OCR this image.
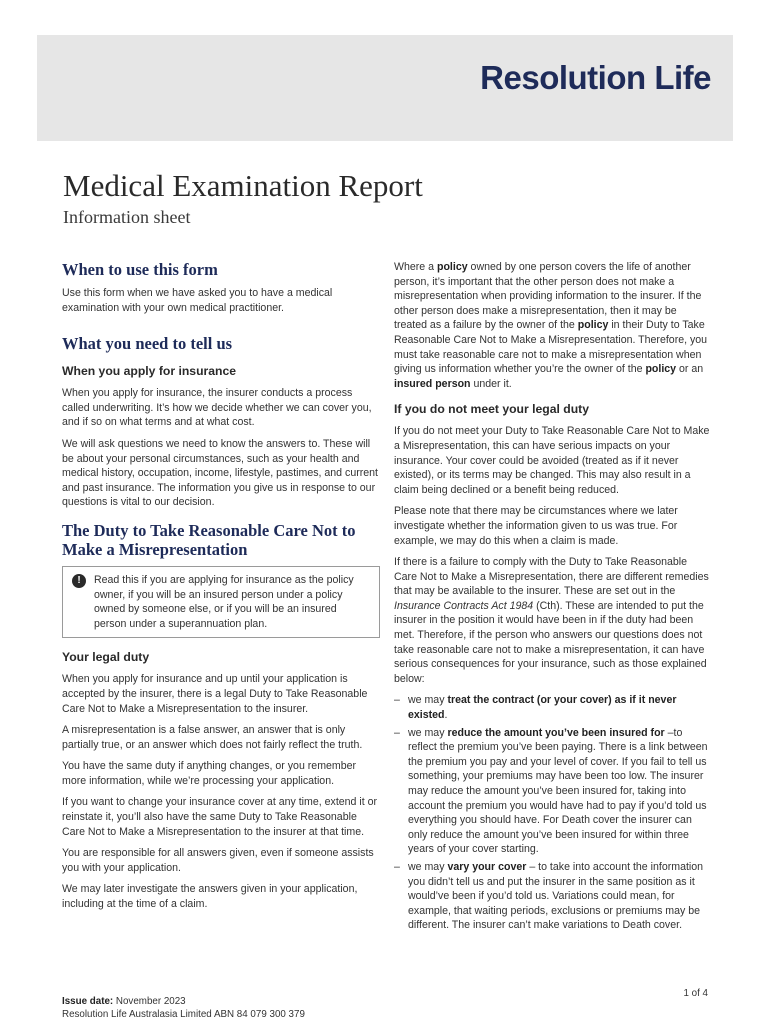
Resolution Life
Medical Examination Report
Information sheet
When to use this form

Use this form when we have asked you to have a medical examination with your own medical practitioner.

What you need to tell us
When you apply for insurance

When you apply for insurance, the insurer conducts a process called underwriting. It’s how we decide whether we can cover you, and if so on what terms and at what cost.

We will ask questions we need to know the answers to. These will be about your personal circumstances, such as your health and medical history, occupation, income, lifestyle, pastimes, and current and past insurance. The information you give us in response to our questions is vital to our decision.

The Duty to Take Reasonable Care Not to Make a Misrepresentation
!	Read this if you are applying for insurance as the policy owner, if you will be an insured person under a policy owned by someone else, or if you will be an insured person under a superannuation plan.

Your legal duty

When you apply for insurance and up until your application is accepted by the insurer, there is a legal Duty to Take Reasonable Care Not to Make a Misrepresentation to the insurer.

A misrepresentation is a false answer, an answer that is only partially true, or an answer which does not fairly reflect the truth.

You have the same duty if anything changes, or you remember more information, while we’re processing your application.

If you want to change your insurance cover at any time, extend it or reinstate it, you’ll also have the same Duty to Take Reasonable Care Not to Make a Misrepresentation to the insurer at that time.

You are responsible for all answers given, even if someone assists you with your application.

We may later investigate the answers given in your application, including at the time of a claim.

Where a policy owned by one person covers the life of another person, it’s important that the other person does not make a misrepresentation when providing information to the insurer. If the other person does make a misrepresentation, then it may be treated as a failure by the owner of the policy in their Duty to Take Reasonable Care Not to Make a Misrepresentation. Therefore, you must take reasonable care not to make a misrepresentation when giving us information whether you’re the owner of the policy or an insured person under it.

If you do not meet your legal duty

If you do not meet your Duty to Take Reasonable Care Not to Make a Misrepresentation, this can have serious impacts on your insurance. Your cover could be avoided (treated as if it never existed), or its terms may be changed. This may also result in a claim being declined or a benefit being reduced.

Please note that there may be circumstances where we later investigate whether the information given to us was true. For example, we may do this when a claim is made.

If there is a failure to comply with the Duty to Take Reasonable Care Not to Make a Misrepresentation, there are different remedies that may be available to the insurer. These are set out in the Insurance Contracts Act 1984 (Cth). These are intended to put the insurer in the position it would have been in if the duty had been met. Therefore, if the person who answers our questions does not take reasonable care not to make a misrepresentation, it can have serious consequences for your insurance, such as those explained below:

– we may treat the contract (or your cover) as if it never existed.
– we may reduce the amount you’ve been insured for –to reflect the premium you’ve been paying. There is a link between the premium you pay and your level of cover. If you fail to tell us something, your premiums may have been too low. The insurer may reduce the amount you’ve been insured for, taking into account the premium you would have had to pay if you’d told us everything you should have. For Death cover the insurer can only reduce the amount you’ve been insured for within three years of your cover starting.
– we may vary your cover – to take into account the information you didn’t tell us and put the insurer in the same position as it would’ve been if you’d told us. Variations could mean, for example, that waiting periods, exclusions or premiums may be different. The insurer can’t make variations to Death cover.
Issue date: November 2023
Resolution Life Australasia Limited ABN 84 079 300 379
1 of 4
